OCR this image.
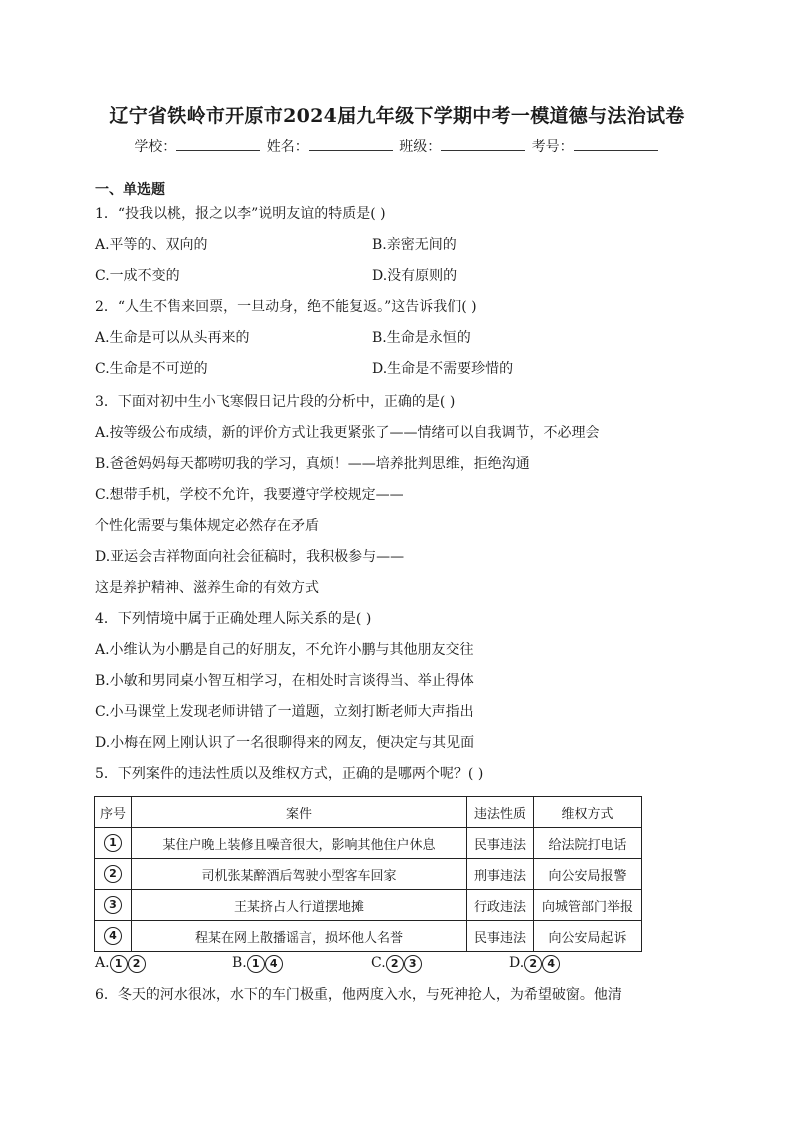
辽宁省铁岭市开原市2024届九年级下学期中考一模道德与法治试卷
学校：	姓名：	班级：	考号：
一、单选题
1．“投我以桃，报之以李”说明友谊的特质是( )
A.平等的、双向的	B.亲密无间的
C.一成不变的	D.没有原则的
2．“人生不售来回票，一旦动身，绝不能复返。”这告诉我们( )
A.生命是可以从头再来的	B.生命是永恒的
C.生命是不可逆的	D.生命是不需要珍惜的
3．下面对初中生小飞寒假日记片段的分析中，正确的是( )
A.按等级公布成绩，新的评价方式让我更紧张了——情绪可以自我调节，不必理会
B.爸爸妈妈每天都唠叨我的学习，真烦！——培养批判思维，拒绝沟通
C.想带手机，学校不允许，我要遵守学校规定——
个性化需要与集体规定必然存在矛盾
D.亚运会吉祥物面向社会征稿时，我积极参与——
这是养护精神、滋养生命的有效方式
4．下列情境中属于正确处理人际关系的是( )
A.小维认为小鹏是自己的好朋友，不允许小鹏与其他朋友交往
B.小敏和男同桌小智互相学习，在相处时言谈得当、举止得体
C.小马课堂上发现老师讲错了一道题，立刻打断老师大声指出
D.小梅在网上刚认识了一名很聊得来的网友，便决定与其见面
5．下列案件的违法性质以及维权方式，正确的是哪两个呢？( )
序号	案件	违法性质	维权方式
1	某住户晚上装修且噪音很大，影响其他住户休息	民事违法	给法院打电话
2	司机张某醉酒后驾驶小型客车回家	刑事违法	向公安局报警
3	王某挤占人行道摆地摊	行政违法	向城管部门举报
4	程某在网上散播谣言，损坏他人名誉	民事违法	向公安局起诉
A. 1 2	B. 1 4	C. 2 3	D. 2 4
6．冬天的河水很冰，水下的车门极重，他两度入水，与死神抢人，为希望破窗。他清
